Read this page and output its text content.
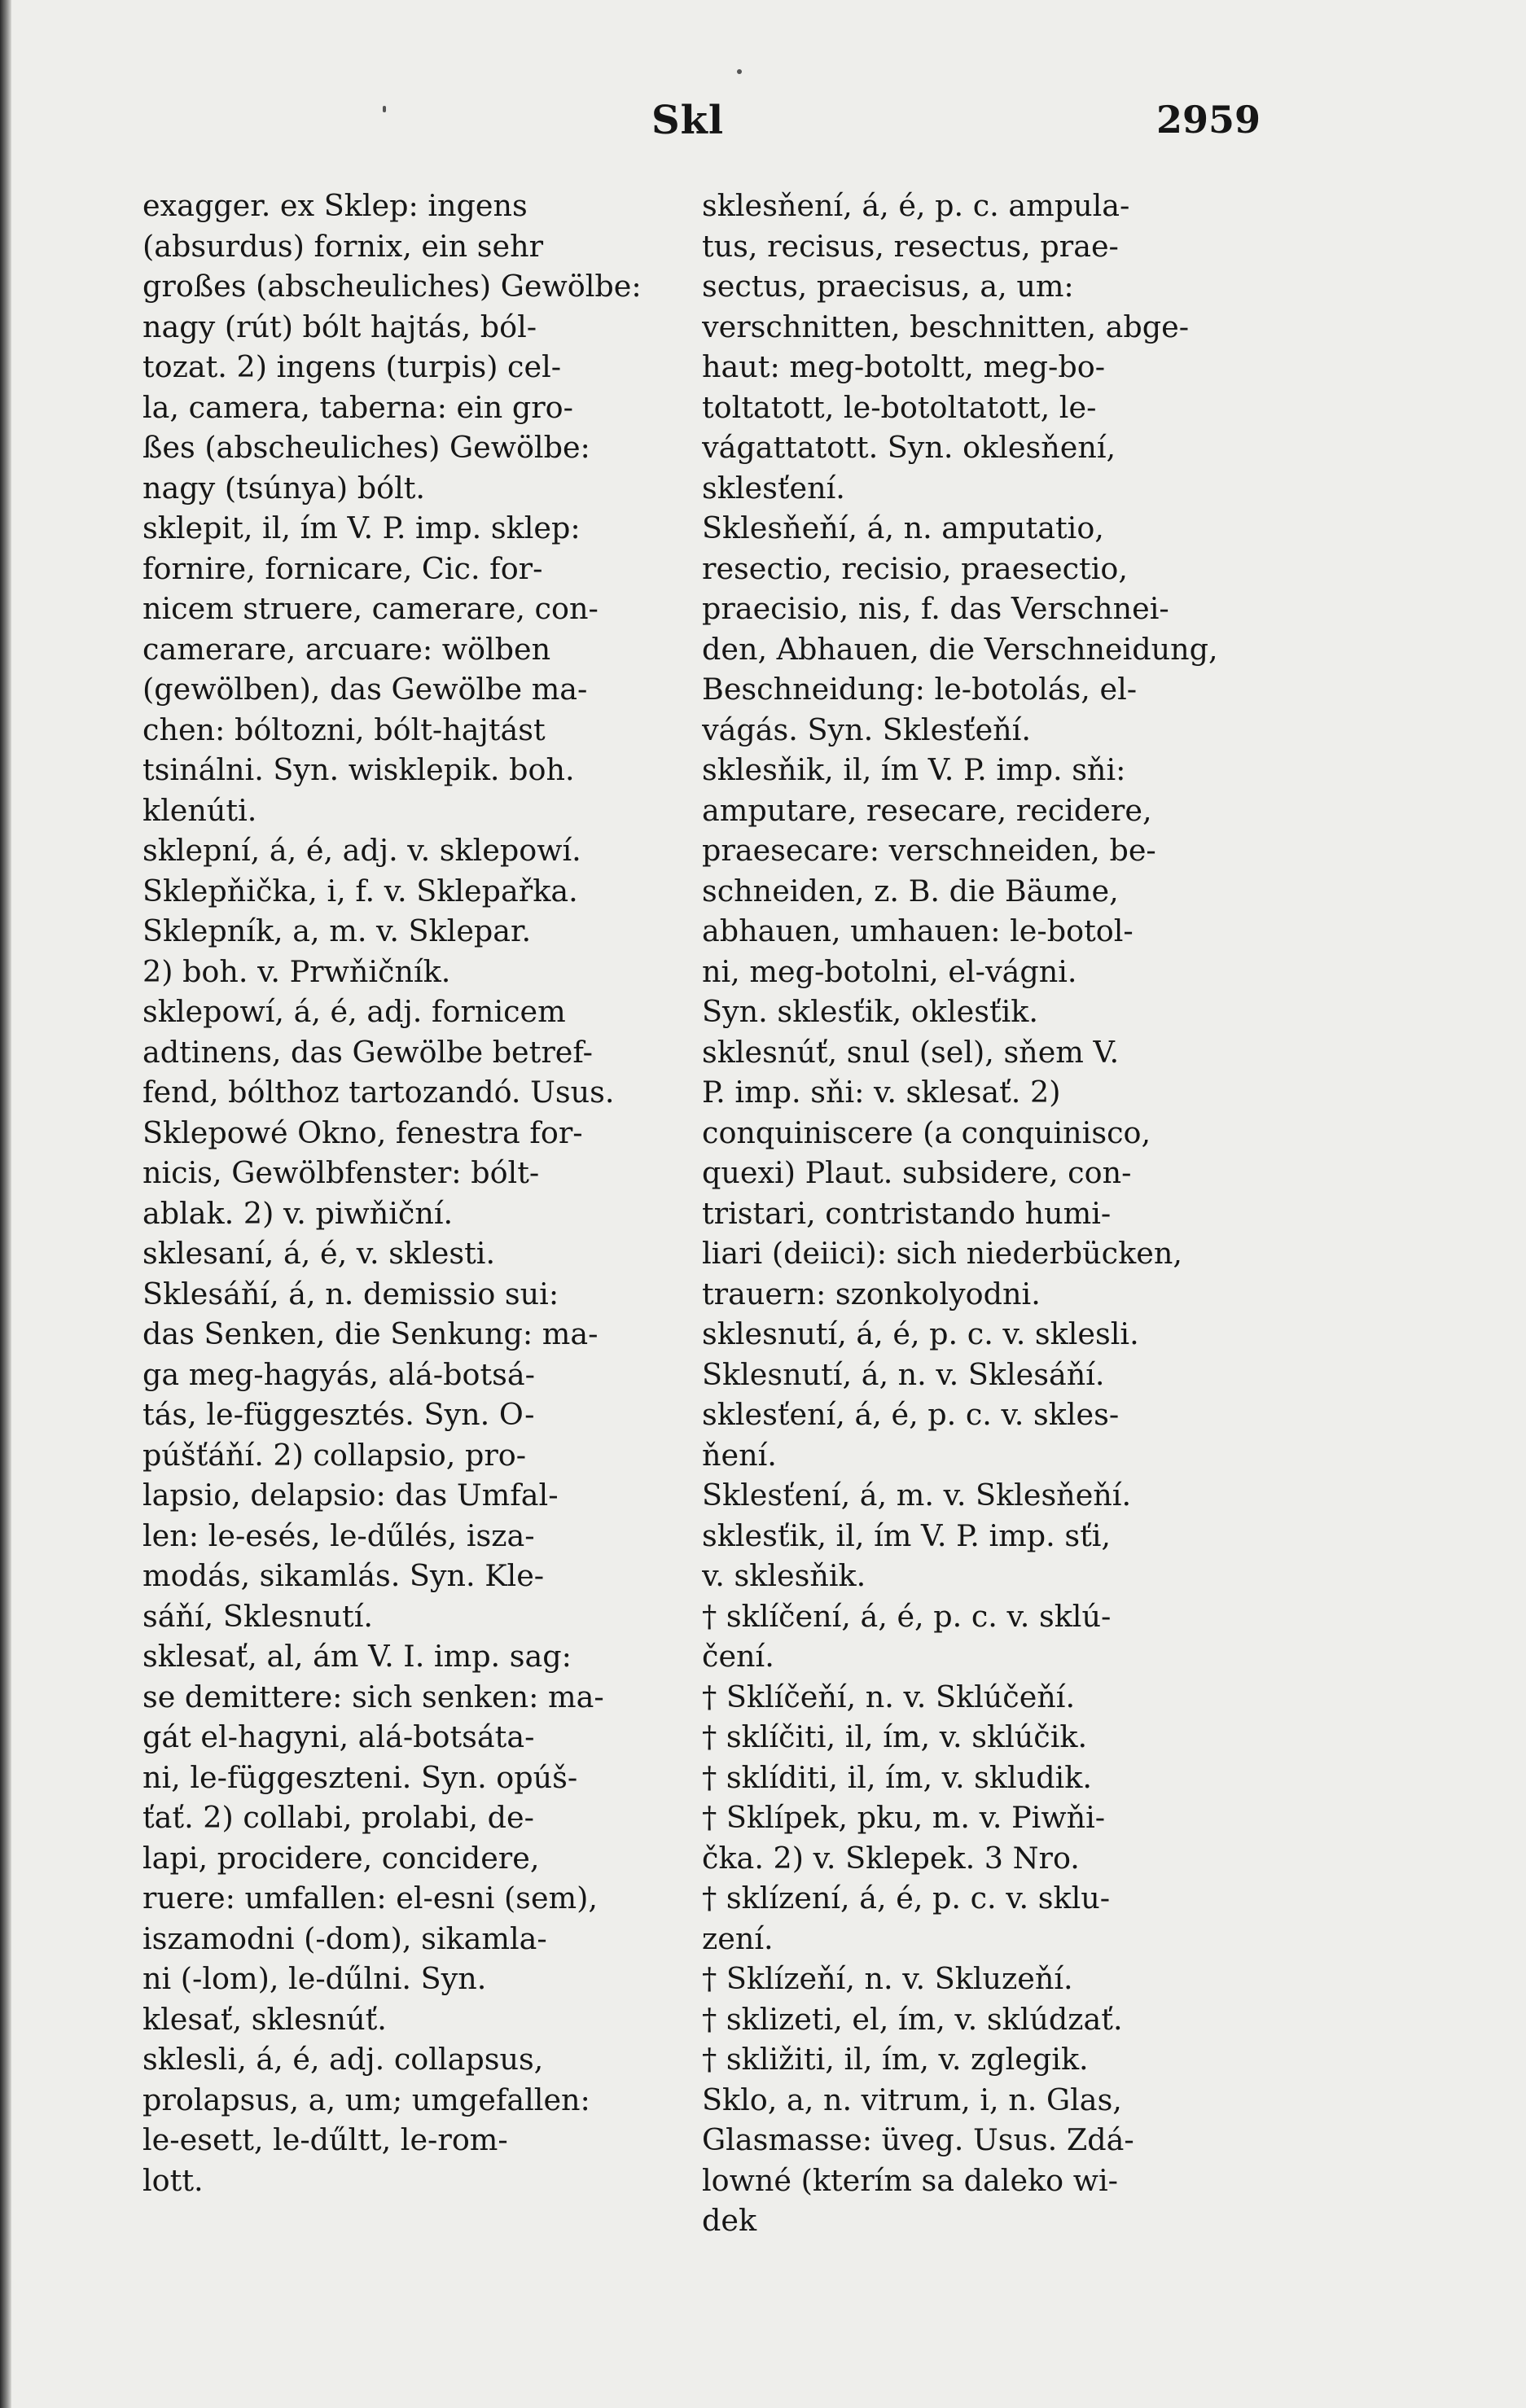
Skl	2959
exagger. ex Sklep: ingens
(absurdus) fornix, ein sehr
großes (abscheuliches) Gewölbe:
nagy (rút) bólt hajtás, ból-
tozat. 2) ingens (turpis) cel-
la, camera, taberna: ein gro-
ßes (abscheuliches) Gewölbe:
nagy (tsúnya) bólt.
sklepit, il, ím V. P. imp. sklep:
fornire, fornicare, Cic. for-
nicem struere, camerare, con-
camerare, arcuare: wölben
(gewölben), das Gewölbe ma-
chen: bóltozni, bólt-hajtást
tsinálni. Syn. wisklepik. boh.
klenúti.
sklepní, á, é, adj. v. sklepowí.
Sklepňička, i, f. v. Sklepařka.
Sklepník, a, m. v. Sklepar.
2) boh. v. Prwňičník.
sklepowí, á, é, adj. fornicem
adtinens, das Gewölbe betref-
fend, bólthoz tartozandó. Usus.
Sklepowé Okno, fenestra for-
nicis, Gewölbfenster: bólt-
ablak. 2) v. piwňiční.
sklesaní, á, é, v. sklesti.
Sklesáňí, á, n. demissio sui:
das Senken, die Senkung: ma-
ga meg-hagyás, alá-botsá-
tás, le-függesztés. Syn. O-
púšťáňí. 2) collapsio, pro-
lapsio, delapsio: das Umfal-
len: le-esés, le-dűlés, isza-
modás, sikamlás. Syn. Kle-
sáňí, Sklesnutí.
sklesať, al, ám V. I. imp. sag:
se demittere: sich senken: ma-
gát el-hagyni, alá-botsáta-
ni, le-függeszteni. Syn. opúš-
ťať. 2) collabi, prolabi, de-
lapi, procidere, concidere,
ruere: umfallen: el-esni (sem),
iszamodni (-dom), sikamla-
ni (-lom), le-dűlni. Syn.
klesať, sklesnúť.
sklesli, á, é, adj. collapsus,
prolapsus, a, um; umgefallen:
le-esett, le-dűltt, le-rom-
lott.
sklesňení, á, é, p. c. ampula-
tus, recisus, resectus, prae-
sectus, praecisus, a, um:
verschnitten, beschnitten, abge-
haut: meg-botoltt, meg-bo-
toltatott, le-botoltatott, le-
vágattatott. Syn. oklesňení,
sklesťení.
Sklesňeňí, á, n. amputatio,
resectio, recisio, praesectio,
praecisio, nis, f. das Verschnei-
den, Abhauen, die Verschneidung,
Beschneidung: le-botolás, el-
vágás. Syn. Sklesťeňí.
sklesňik, il, ím V. P. imp. sňi:
amputare, resecare, recidere,
praesecare: verschneiden, be-
schneiden, z. B. die Bäume,
abhauen, umhauen: le-botol-
ni, meg-botolni, el-vágni.
Syn. sklesťik, oklesťik.
sklesnúť, snul (sel), sňem V.
P. imp. sňi: v. sklesať. 2)
conquiniscere (a conquinisco,
quexi) Plaut. subsidere, con-
tristari, contristando humi-
liari (deiici): sich niederbücken,
trauern: szonkolyodni.
sklesnutí, á, é, p. c. v. sklesli.
Sklesnutí, á, n. v. Sklesáňí.
sklesťení, á, é, p. c. v. skles-
ňení.
Sklesťení, á, m. v. Sklesňeňí.
sklesťik, il, ím V. P. imp. sťi,
v. sklesňik.
† sklíčení, á, é, p. c. v. sklú-
čení.
† Sklíčeňí, n. v. Sklúčeňí.
† sklíčiti, il, ím, v. sklúčik.
† sklíditi, il, ím, v. skludik.
† Sklípek, pku, m. v. Piwňi-
čka. 2) v. Sklepek. 3 Nro.
† sklízení, á, é, p. c. v. sklu-
zení.
† Sklízeňí, n. v. Skluzeňí.
† sklizeti, el, ím, v. sklúdzať.
† skližiti, il, ím, v. zglegik.
Sklo, a, n. vitrum, i, n. Glas,
Glasmasse: üveg. Usus. Zdá-
lowné (kterím sa daleko wi-
dek
